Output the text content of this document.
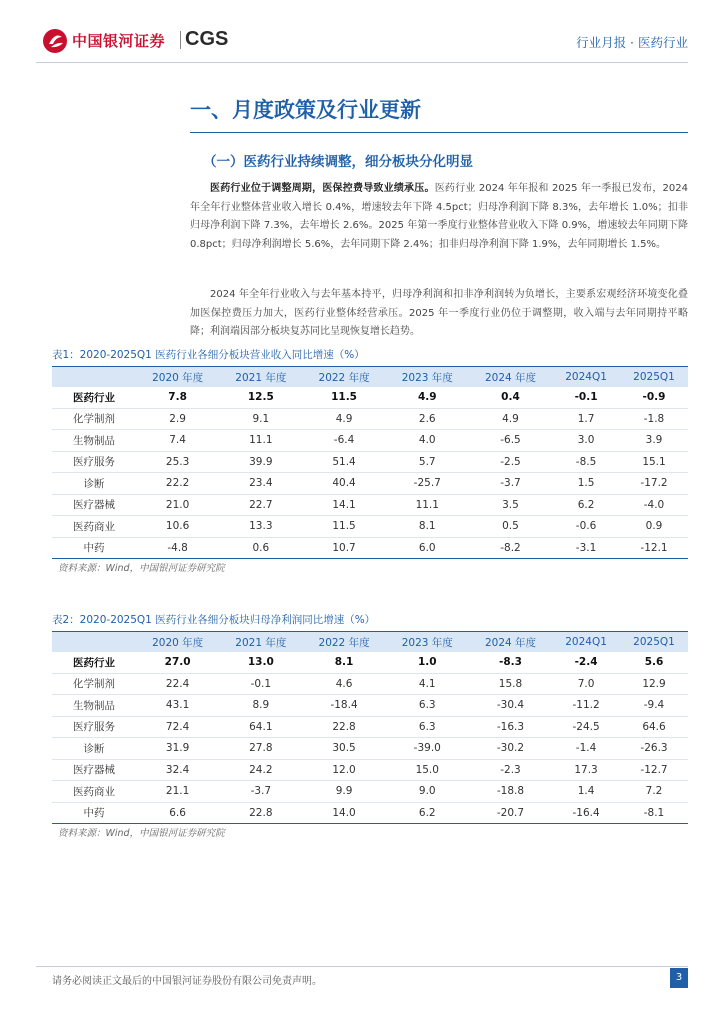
中国银河证券 CGS	行业月报 · 医药行业
一、月度政策及行业更新
（一）医药行业持续调整，细分板块分化明显
医药行业位于调整周期，医保控费导致业绩承压。医药行业 2024 年年报和 2025 年一季报已发布，2024 年全年行业整体营业收入增长 0.4%，增速较去年下降 4.5pct；归母净利润下降 8.3%，去年增长 1.0%；扣非归母净利润下降 7.3%，去年增长 2.6%。2025 年第一季度行业整体营业收入下降 0.9%，增速较去年同期下降 0.8pct；归母净利润增长 5.6%，去年同期下降 2.4%；扣非归母净利润下降 1.9%，去年同期增长 1.5%。
2024 年全年行业收入与去年基本持平，归母净利润和扣非净利润转为负增长，主要系宏观经济环境变化叠加医保控费压力加大，医药行业整体经营承压。2025 年一季度行业仍位于调整期，收入端与去年同期持平略降；利润端因部分板块复苏同比呈现恢复增长趋势。
表1：2020-2025Q1 医药行业各细分板块营业收入同比增速（%）
	2020 年度	2021 年度	2022 年度	2023 年度	2024 年度	2024Q1	2025Q1
医药行业	7.8	12.5	11.5	4.9	0.4	-0.1	-0.9
化学制剂	2.9	9.1	4.9	2.6	4.9	1.7	-1.8
生物制品	7.4	11.1	-6.4	4.0	-6.5	3.0	3.9
医疗服务	25.3	39.9	51.4	5.7	-2.5	-8.5	15.1
诊断	22.2	23.4	40.4	-25.7	-3.7	1.5	-17.2
医疗器械	21.0	22.7	14.1	11.1	3.5	6.2	-4.0
医药商业	10.6	13.3	11.5	8.1	0.5	-0.6	0.9
中药	-4.8	0.6	10.7	6.0	-8.2	-3.1	-12.1
资料来源：Wind，中国银河证券研究院
表2：2020-2025Q1 医药行业各细分板块归母净利润同比增速（%）
	2020 年度	2021 年度	2022 年度	2023 年度	2024 年度	2024Q1	2025Q1
医药行业	27.0	13.0	8.1	1.0	-8.3	-2.4	5.6
化学制剂	22.4	-0.1	4.6	4.1	15.8	7.0	12.9
生物制品	43.1	8.9	-18.4	6.3	-30.4	-11.2	-9.4
医疗服务	72.4	64.1	22.8	6.3	-16.3	-24.5	64.6
诊断	31.9	27.8	30.5	-39.0	-30.2	-1.4	-26.3
医疗器械	32.4	24.2	12.0	15.0	-2.3	17.3	-12.7
医药商业	21.1	-3.7	9.9	9.0	-18.8	1.4	7.2
中药	6.6	22.8	14.0	6.2	-20.7	-16.4	-8.1
资料来源：Wind，中国银河证券研究院
请务必阅读正文最后的中国银河证券股份有限公司免责声明。	3
